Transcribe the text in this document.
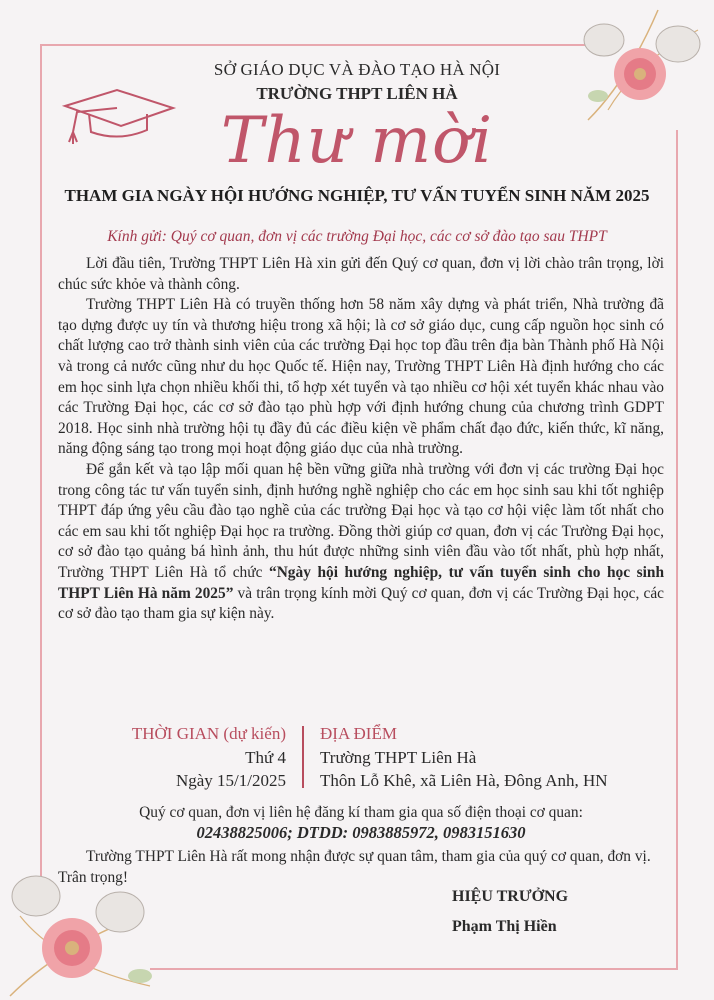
SỞ GIÁO DỤC VÀ ĐÀO TẠO HÀ NỘI
TRƯỜNG THPT LIÊN HÀ
Thư mời
THAM GIA NGÀY HỘI HƯỚNG NGHIỆP, TƯ VẤN TUYỂN SINH NĂM 2025
Kính gửi: Quý cơ quan, đơn vị các trường Đại học, các cơ sở đào tạo sau THPT

Lời đầu tiên, Trường THPT Liên Hà xin gửi đến Quý cơ quan, đơn vị lời chào trân trọng, lời chúc sức khỏe và thành công.

Trường THPT Liên Hà có truyền thống hơn 58 năm xây dựng và phát triển, Nhà trường đã tạo dựng được uy tín và thương hiệu trong xã hội; là cơ sở giáo dục, cung cấp nguồn học sinh có chất lượng cao trở thành sinh viên của các trường Đại học top đầu trên địa bàn Thành phố Hà Nội và trong cả nước cũng như du học Quốc tế. Hiện nay, Trường THPT Liên Hà định hướng cho các em học sinh lựa chọn nhiều khối thi, tổ hợp xét tuyển và tạo nhiều cơ hội xét tuyển khác nhau vào các Trường Đại học, các cơ sở đào tạo phù hợp với định hướng chung của chương trình GDPT 2018. Học sinh nhà trường hội tụ đầy đủ các điều kiện về phẩm chất đạo đức, kiến thức, kĩ năng, năng động sáng tạo trong mọi hoạt động giáo dục của nhà trường.

Để gắn kết và tạo lập mối quan hệ bền vững giữa nhà trường với đơn vị các trường Đại học trong công tác tư vấn tuyển sinh, định hướng nghề nghiệp cho các em học sinh sau khi tốt nghiệp THPT đáp ứng yêu cầu đào tạo nghề của các trường Đại học và tạo cơ hội việc làm tốt nhất cho các em sau khi tốt nghiệp Đại học ra trường. Đồng thời giúp cơ quan, đơn vị các Trường Đại học, cơ sở đào tạo quảng bá hình ảnh, thu hút được những sinh viên đầu vào tốt nhất, phù hợp nhất, Trường THPT Liên Hà tổ chức “Ngày hội hướng nghiệp, tư vấn tuyển sinh cho học sinh THPT Liên Hà năm 2025” và trân trọng kính mời Quý cơ quan, đơn vị các Trường Đại học, các cơ sở đào tạo tham gia sự kiện này.

THỜI GIAN (dự kiến)
Thứ 4
Ngày 15/1/2025
ĐỊA ĐIỂM
Trường THPT Liên Hà
Thôn Lỗ Khê, xã Liên Hà, Đông Anh, HN
Quý cơ quan, đơn vị liên hệ đăng kí tham gia qua số điện thoại cơ quan:
02438825006; DTDD: 0983885972, 0983151630

Trường THPT Liên Hà rất mong nhận được sự quan tâm, tham gia của quý cơ quan, đơn vị. Trân trọng!

HIỆU TRƯỞNG
Phạm Thị Hiền
